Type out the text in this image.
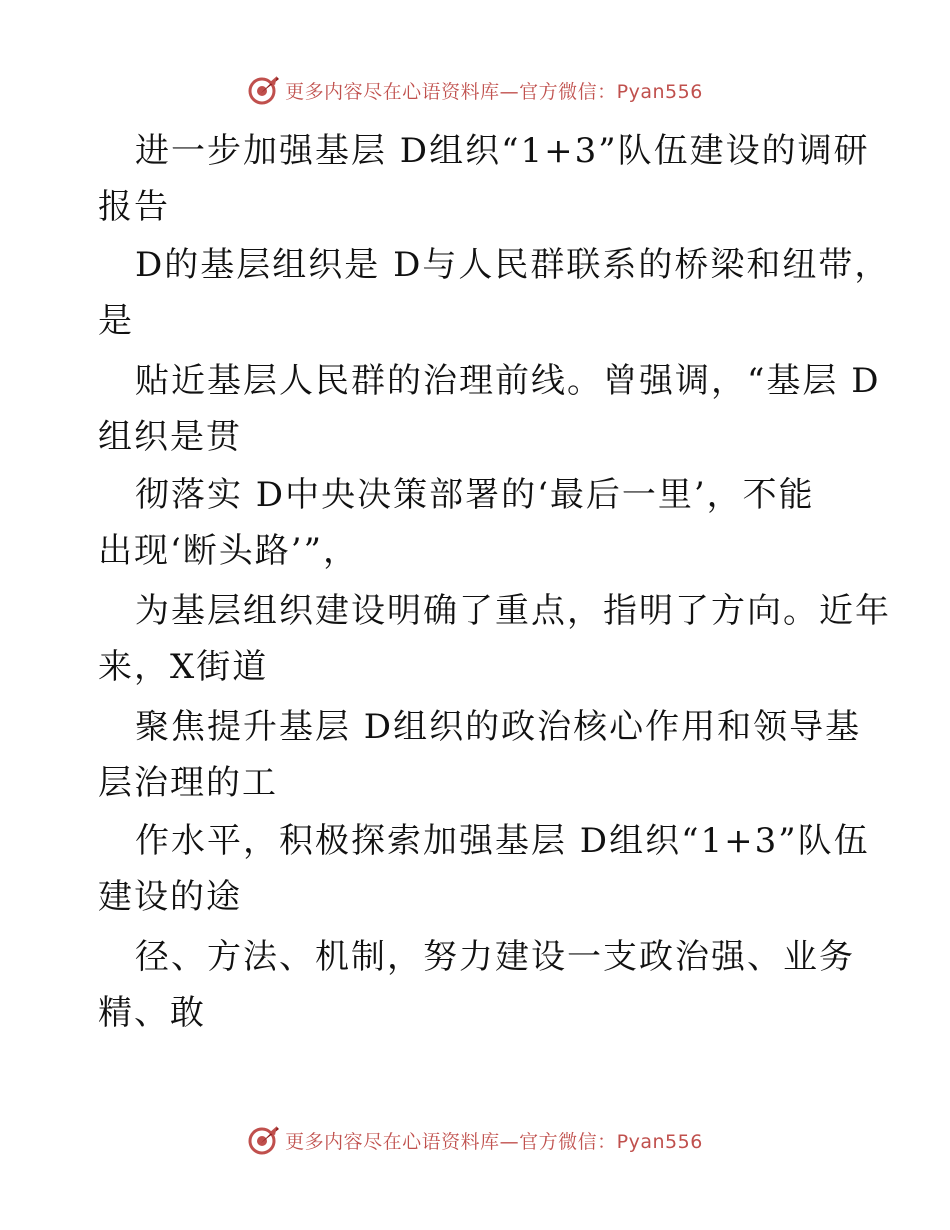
更多内容尽在心语资料库—官方微信：Pyan556
进一步加强基层 D组织“1+3”队伍建设的调研
报告
D的基层组织是 D与人民群联系的桥梁和纽带，
是
贴近基层人民群的治理前线。曾强调，“基层 D
组织是贯
彻落实 D中央决策部署的‘最后一里’，不能
出现‘断头路’”，
为基层组织建设明确了重点，指明了方向。近年
来，X街道
聚焦提升基层 D组织的政治核心作用和领导基
层治理的工
作水平，积极探索加强基层 D组织“1+3”队伍
建设的途
径、方法、机制，努力建设一支政治强、业务
精、敢
更多内容尽在心语资料库—官方微信：Pyan556
